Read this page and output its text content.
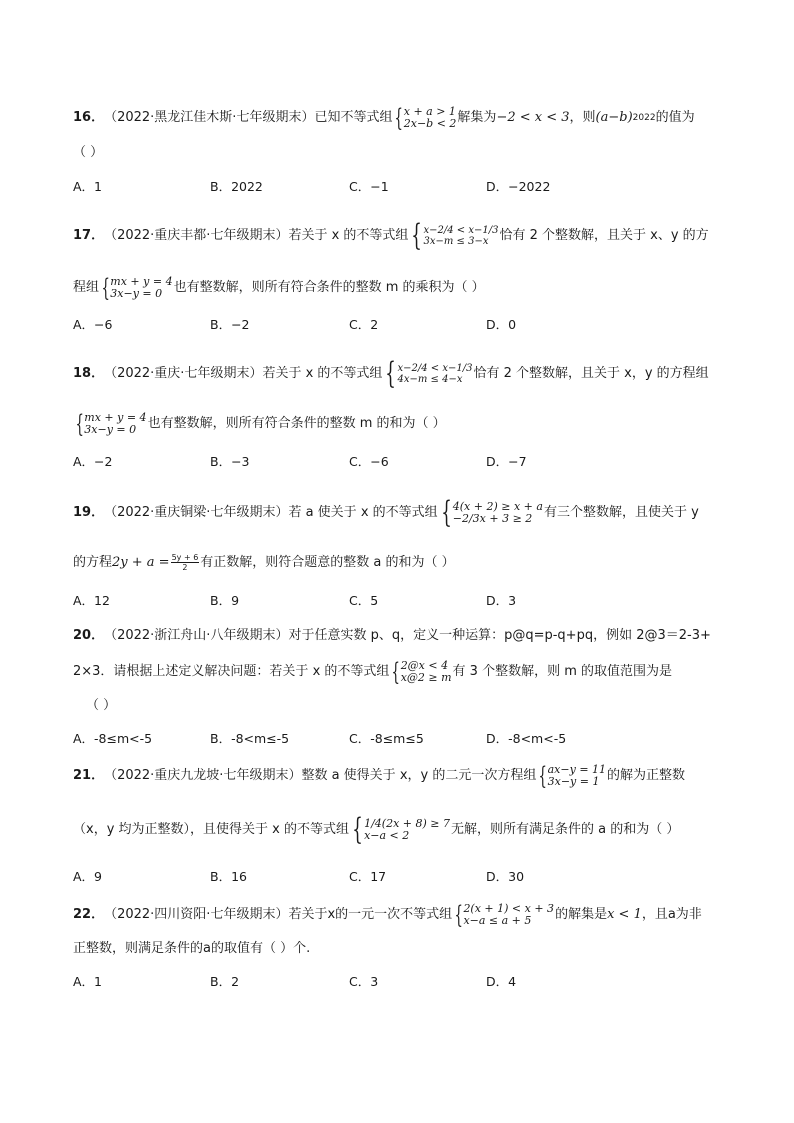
16． （2022·黑龙江佳木斯·七年级期末） 已知不等式组 { x + a > 1
2x−b < 2 解集为 −2 < x < 3 ，则 (a−b) 2022 的值为
（ ）
A．1	B．2022	C．−1	D．−2022
17． （2022·重庆丰都·七年级期末） 若关于 x 的不等式组 { x−2/4 < x−1/3
3x−m ≤ 3−x 恰有 2 个整数解，且关于 x、y 的方
程组 { mx + y = 4
3x−y = 0 也有整数解，则所有符合条件的整数 m 的乘积为（ ）
A．−6	B．−2	C．2	D．0
18． （2022·重庆·七年级期末） 若关于 x 的不等式组 { x−2/4 < x−1/3
4x−m ≤ 4−x 恰有 2 个整数解，且关于 x，y 的方程组
{ mx + y = 4
3x−y = 0 也有整数解，则所有符合条件的整数 m 的和为（ ）
A．−2	B．−3	C．−6	D．−7
19． （2022·重庆铜梁·七年级期末） 若 a 使关于 x 的不等式组 { 4(x + 2) ≥ x + a
−2/3x + 3 ≥ 2 有三个整数解，且使关于 y
的方程 $2y + a = \frac{5y + 6}{2}$ 有正数解，则符合题意的整数 a 的和为（ ）
A．12	B．9	C．5	D．3
20． （2022·浙江舟山·八年级期末） 对于任意实数 p、q，定义一种运算：p@q=p-q+pq，例如 2@3＝2-3+
2×3．请根据上述定义解决问题：若关于 x 的不等式组 { 2@x < 4
x@2 ≥ m 有 3 个整数解，则 m 的取值范围为是
（ ）
A．-8≤m<-5	B．-8<m≤-5	C．-8≤m≤5	D．-8<m<-5
21． （2022·重庆九龙坡·七年级期末） 整数 a 使得关于 x，y 的二元一次方程组 { ax−y = 11
3x−y = 1 的解为正整数
（x，y 均为正整数），且使得关于 x 的不等式组 { 1/4(2x + 8) ≥ 7
x−a < 2	无解，则所有满足条件的 a 的和为（ ）
A．9	B．16	C．17	D．30
22． （2022·四川资阳·七年级期末） 若关于x的一元一次不等式组 { 2(x + 1) < x + 3
x−a ≤ a + 5	的解集是 x < 1 ，且a为非
正整数，则满足条件的a的取值有（ ）个.
A．1	B．2	C．3	D．4
